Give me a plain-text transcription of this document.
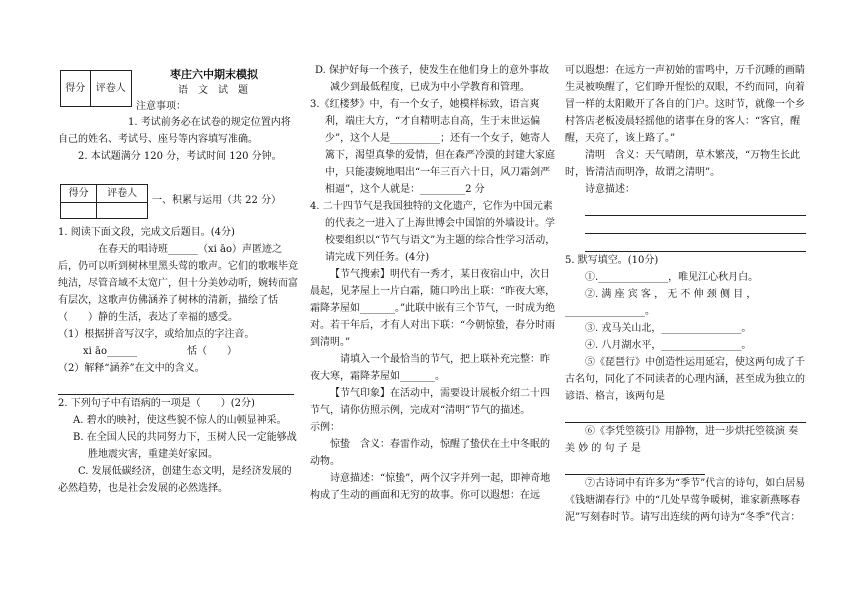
得分	评卷人
枣庄六中期末模拟
语　文　试　题
注意事项：

1. 考试前务必在试卷的规定位置内将自己的姓名、考试号、座号等内容填写准确。

2. 本试题满分 120 分，考试时间 120 分钟。

得分	评卷人

一、积累与运用（共 22 分）

1. 阅读下面文段，完成文后题目。(4分)

在春天的唱诗班______（xi āo）声匿迹之后，仍可以听到树林里黑头莺的歌声。它们的歌喉毕竞纯洁，尽管音域不太宽广，但十分美妙动听，婉转而富有层次，这歌声仿佛涵养了树林的清新，描绘了恬（　　）静的生活，表达了幸福的感受。

（1）根据拼音写汉字，或给加点的字注音。

xi āo______　　　　　恬（　　）

（2）解释“涵养”在文中的含义。

2. 下列句子中有语病的一项是（　　）(2分)

A. 碧水的映衬，使这些貌不惊人的山顿显神采。

B. 在全国人民的共同努力下，玉树人民一定能够战胜地震灾害，重建美好家园。

C. 发展低碳经济，创建生态文明，是经济发展的必然趋势，也是社会发展的必然选择。

D. 保护好每一个孩子，使发生在他们身上的意外事故减少到最低程度，已成为中小学教育和管理。

3.《红楼梦》中，有一个女子，她模样标致，语言爽利，端庄大方，“才自精明志自高，生于末世运偏少”，这个人是__________；还有一个女子，她寄人篱下，渴望真挚的爱情，但在森严冷漠的封建大家庭中，只能凄婉地唱出“一年三百六十日，风刀霜剑严相逼”，这个人就是：_________2 分

4. 二十四节气是我国独特的文化遗产，它作为中国元素的代表之一进入了上海世博会中国馆的外墙设计。学校要组织以“节气与语文”为主题的综合性学习活动，请完成下列任务。(4分)

【节气搜索】明代有一秀才，某日夜宿山中，次日晨起，见茅屋上一片白霜，随口吟出上联：“昨夜大寒，霜降茅屋如_______。”此联中嵌有三个节气，一时成为绝对。若干年后，才有人对出下联：“今朝惊蛰，春分时雨到清明。”

请填入一个最恰当的节气，把上联补充完整：昨夜大寒，霜降茅屋如_______。

【节气印象】在活动中，需要设计展板介绍二十四节气，请你仿照示例，完成对“清明”节气的描述。

示例：

惊蛰　含义：春雷作动，惊醒了蛰伏在土中冬眠的动物。

诗意描述：“惊蛰”，两个汉字并列一起，即神奇地构成了生动的画面和无穷的故事。你可以遐想：在远

可以遐想：在远方一声初始的雷鸣中，万千沉睡的画睛生灵被唤醒了，它们睁开惺忪的双眼，不约而同，向着冒一样的太阳敞开了各自的门户。这时节，就像一个乡村答店老板凌晨轻摇他的诸事在身的客人：“客官，醒醒，天亮了，该上路了。”

清明　含义：天气晴朗，草木繁茂，“万物生长此时，皆清洁而明净，故谓之清明”。

诗意描述：

5. 默写填空。(10分)

①.______________，唯见江心秋月白。

②. 满 座 宾 客 ， 无 不 伸 颈 侧 目 ，________________。

③. 戎马关山北，________________。

④. 八月湖水平，________________。

⑤《琵琶行》中创造性运用延宕，使这两句成了千古名句，同化了不同读者的心理内涵，甚至成为独立的谚语、格言，该两句是

⑥《李凭箜篌引》用静物，进一步烘托箜篌演 奏 美 妙 的 句 子 是

⑦古诗词中有许多为“季节”代言的诗句，如白居易《钱塘湖春行》中的“几处早莺争暖树，谁家新燕啄春泥”写刻春时节。请写出连续的两句诗为“冬季”代言：
